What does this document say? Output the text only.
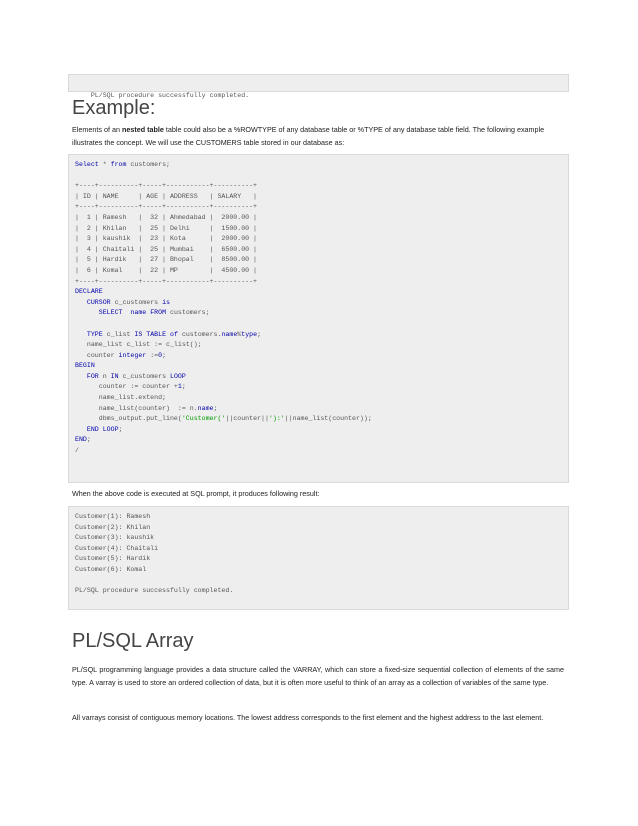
PL/SQL procedure successfully completed.

Example:
Elements of an nested table table could also be a %ROWTYPE of any database table or %TYPE of any database table field. The following example illustrates the concept. We will use the CUSTOMERS table stored in our database as:
Select * from customers;

+----+----------+-----+-----------+----------+
| ID | NAME     | AGE | ADDRESS   | SALARY   |
+----+----------+-----+-----------+----------+
|  1 | Ramesh   |  32 | Ahmedabad |  2000.00 |
|  2 | Khilan   |  25 | Delhi     |  1500.00 |
|  3 | kaushik  |  23 | Kota      |  2000.00 |
|  4 | Chaitali |  25 | Mumbai    |  6500.00 |
|  5 | Hardik   |  27 | Bhopal    |  8500.00 |
|  6 | Komal    |  22 | MP        |  4500.00 |
+----+----------+-----+-----------+----------+
DECLARE
CURSOR c_customers is
SELECT name FROM customers;

TYPE c_list IS TABLE of customers.name%type;
name_list c_list := c_list();
counter integer :=0;
BEGIN
FOR n IN c_customers LOOP
counter := counter +1;
name_list.extend;
name_list(counter)  := n.name;
dbms_output.put_line('Customer('||counter||'):'||name_list(counter));
END LOOP;
END;
/
When the above code is executed at SQL prompt, it produces following result:
Customer(1): Ramesh
Customer(2): Khilan
Customer(3): kaushik
Customer(4): Chaitali
Customer(5): Hardik
Customer(6): Komal

PL/SQL procedure successfully completed.
PL/SQL Array
PL/SQL programming language provides a data structure called the VARRAY, which can store a fixed-size sequential collection of elements of the same type. A varray is used to store an ordered collection of data, but it is often more useful to think of an array as a collection of variables of the same type.
All varrays consist of contiguous memory locations. The lowest address corresponds to the first element and the highest address to the last element.
